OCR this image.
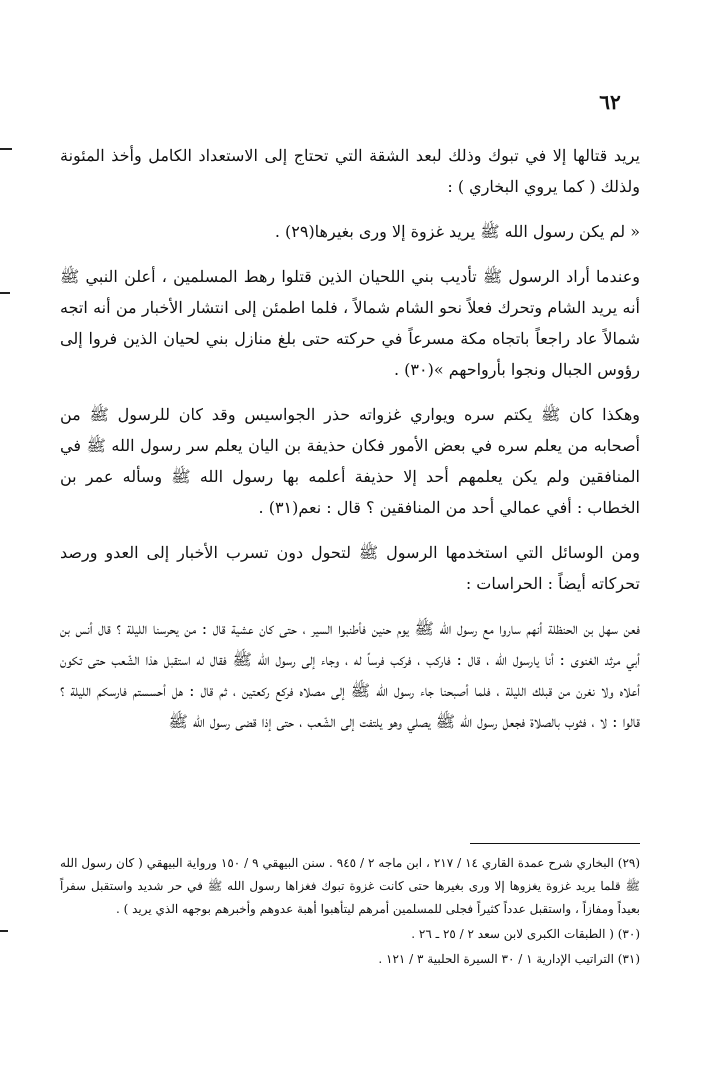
٦٢

يريد قتالها إلا في تبوك وذلك لبعد الشقة التي تحتاج إلى الاستعداد الكامل وأخذ المئونة ولذلك ( كما يروي البخاري ) :

« لم يكن رسول الله ﷺ يريد غزوة إلا ورى بغيرها(٢٩) .

وعندما أراد الرسول ﷺ تأديب بني اللحيان الذين قتلوا رهط المسلمين ، أعلن النبي ﷺ أنه يريد الشام وتحرك فعلاً نحو الشام شمالاً ، فلما اطمئن إلى انتشار الأخبار من أنه اتجه شمالاً عاد راجعاً باتجاه مكة مسرعاً في حركته حتى بلغ منازل بني لحيان الذين فروا إلى رؤوس الجبال ونجوا بأرواحهم »(٣٠) .

وهكذا كان ﷺ يكتم سره ويواري غزواته حذر الجواسيس وقد كان للرسول ﷺ من أصحابه من يعلم سره في بعض الأمور فكان حذيفة بن اليان يعلم سر رسول الله ﷺ في المنافقين ولم يكن يعلمهم أحد إلا حذيفة أعلمه بها رسول الله ﷺ وسأله عمر بن الخطاب : أفي عمالي أحد من المنافقين ؟ قال : نعم(٣١) .

ومن الوسائل التي استخدمها الرسول ﷺ لتحول دون تسرب الأخبار إلى العدو ورصد تحركاته أيضاً : الحراسات :

فعن سهل بن الحنظلة أنهم ساروا مع رسول الله ﷺ يوم حنين فأطنبوا السير ، حتى كان عشية قال : من يحرسنا الليلة ؟ قال أنس بن أبي مرثد الغنوى : أنا يارسول الله ، قال : فاركب ، فركب فرساً له ، وجاء إلى رسول الله ﷺ فقال له استقبل هذا الشّعب حتى تكون أعلاه ولا نغرن من قبلك الليلة ، فلما أصبحنا جاء رسول الله ﷺ إلى مصلاه فركع ركعتين ، ثم قال : هل أحسستم فارسكم الليلة ؟ قالوا : لا ، فثوب بالصلاة فجعل رسول الله ﷺ يصلي وهو يلتفت إلى الشّعب ، حتى إذا قضى رسول الله ﷺ

(٢٩) البخاري شرح عمدة القاري ١٤ / ٢١٧ ، ابن ماجه ٢ / ٩٤٥ . سنن البيهقي ٩ / ١٥٠ ورواية البيهقي ( كان رسول الله ﷺ قلما يريد غزوة يغزوها إلا ورى بغيرها حتى كانت غزوة تبوك فغزاها رسول الله ﷺ في حر شديد واستقبل سفراً بعيداً ومفازاً ، واستقبل عدداً كثيراً فجلى للمسلمين أمرهم ليتأهبوا أهبة عدوهم وأخبرهم بوجهه الذي يريد ) .

(٣٠) ( الطبقات الكبرى لابن سعد ٢ / ٢٥ ـ ٢٦ .

(٣١) التراتيب الإدارية ١ / ٣٠ السيرة الحلبية ٣ / ١٢١ .
